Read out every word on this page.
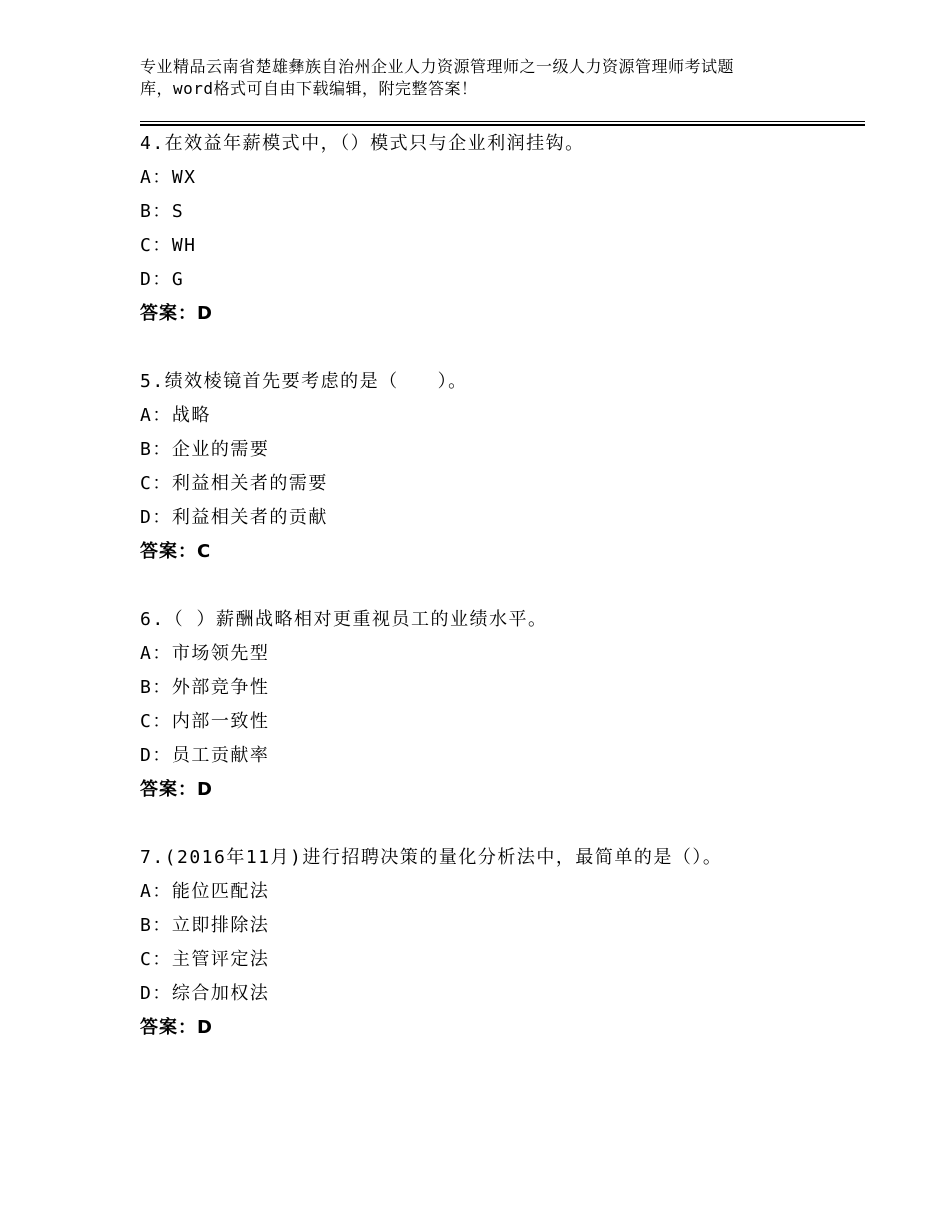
专业精品云南省楚雄彝族自治州企业人力资源管理师之一级人力资源管理师考试题
库，word格式可自由下载编辑，附完整答案！
4.在效益年薪模式中，（）模式只与企业利润挂钩。
A：WX
B：S
C：WH
D：G
答案：D
5.绩效棱镜首先要考虑的是（　　）。
A：战略
B：企业的需要
C：利益相关者的需要
D：利益相关者的贡献
答案：C
6.（ ）薪酬战略相对更重视员工的业绩水平。
A：市场领先型
B：外部竞争性
C：内部一致性
D：员工贡献率
答案：D
7.(2016年11月)进行招聘决策的量化分析法中，最简单的是（）。
A：能位匹配法
B：立即排除法
C：主管评定法
D：综合加权法
答案：D
